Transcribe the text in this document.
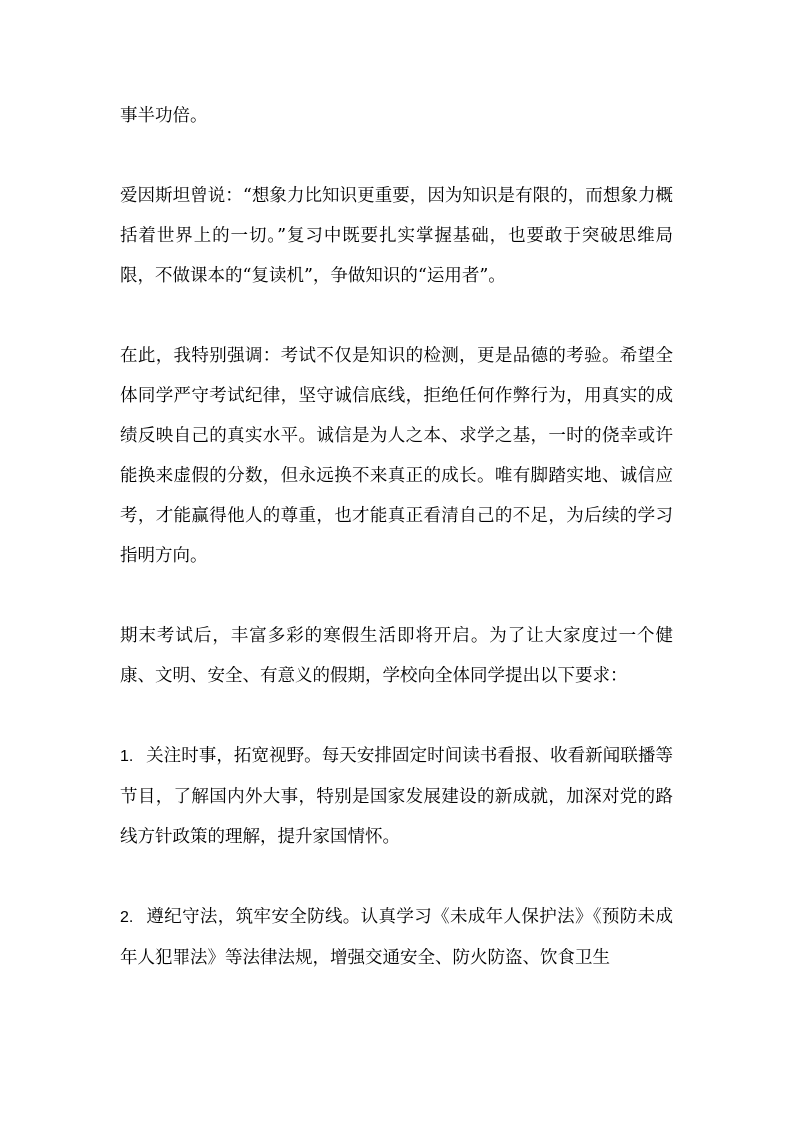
事半功倍。

爱因斯坦曾说：“想象力比知识更重要，因为知识是有限的，而想象力概括着世界上的一切。”复习中既要扎实掌握基础，也要敢于突破思维局限，不做课本的“复读机”，争做知识的“运用者”。

在此，我特别强调：考试不仅是知识的检测，更是品德的考验。希望全体同学严守考试纪律，坚守诚信底线，拒绝任何作弊行为，用真实的成绩反映自己的真实水平。诚信是为人之本、求学之基，一时的侥幸或许能换来虚假的分数，但永远换不来真正的成长。唯有脚踏实地、诚信应考，才能赢得他人的尊重，也才能真正看清自己的不足，为后续的学习指明方向。

期末考试后，丰富多彩的寒假生活即将开启。为了让大家度过一个健康、文明、安全、有意义的假期，学校向全体同学提出以下要求：

1. 关注时事，拓宽视野。每天安排固定时间读书看报、收看新闻联播等节目，了解国内外大事，特别是国家发展建设的新成就，加深对党的路线方针政策的理解，提升家国情怀。

2. 遵纪守法，筑牢安全防线。认真学习《未成年人保护法》《预防未成年人犯罪法》等法律法规，增强交通安全、防火防盗、饮食卫生
